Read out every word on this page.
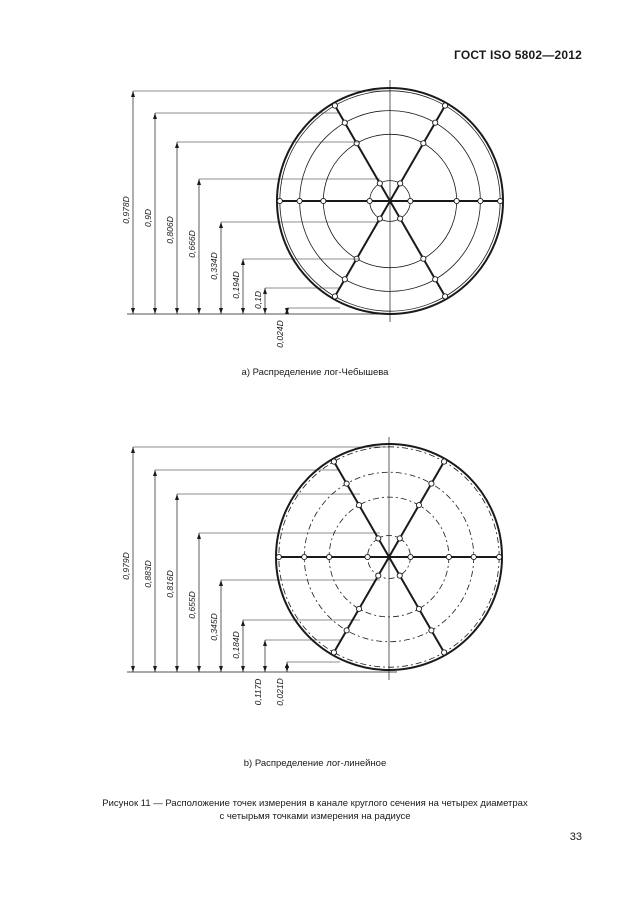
ГОСТ ISO 5802—2012
0,978D 0,9D 0,806D
0,666D
0,334D
0,194D
0,1D
0,024D
а) Распределение лог-Чебышева
0,979D 0,883D 0,816D
0,655D
0,345D
0,184D
0,117D 0,021D
b) Распределение лог-линейное
Рисунок 11 — Расположение точек измерения в канале круглого сечения на четырех диаметрах
с четырьмя точками измерения на радиусе
33
